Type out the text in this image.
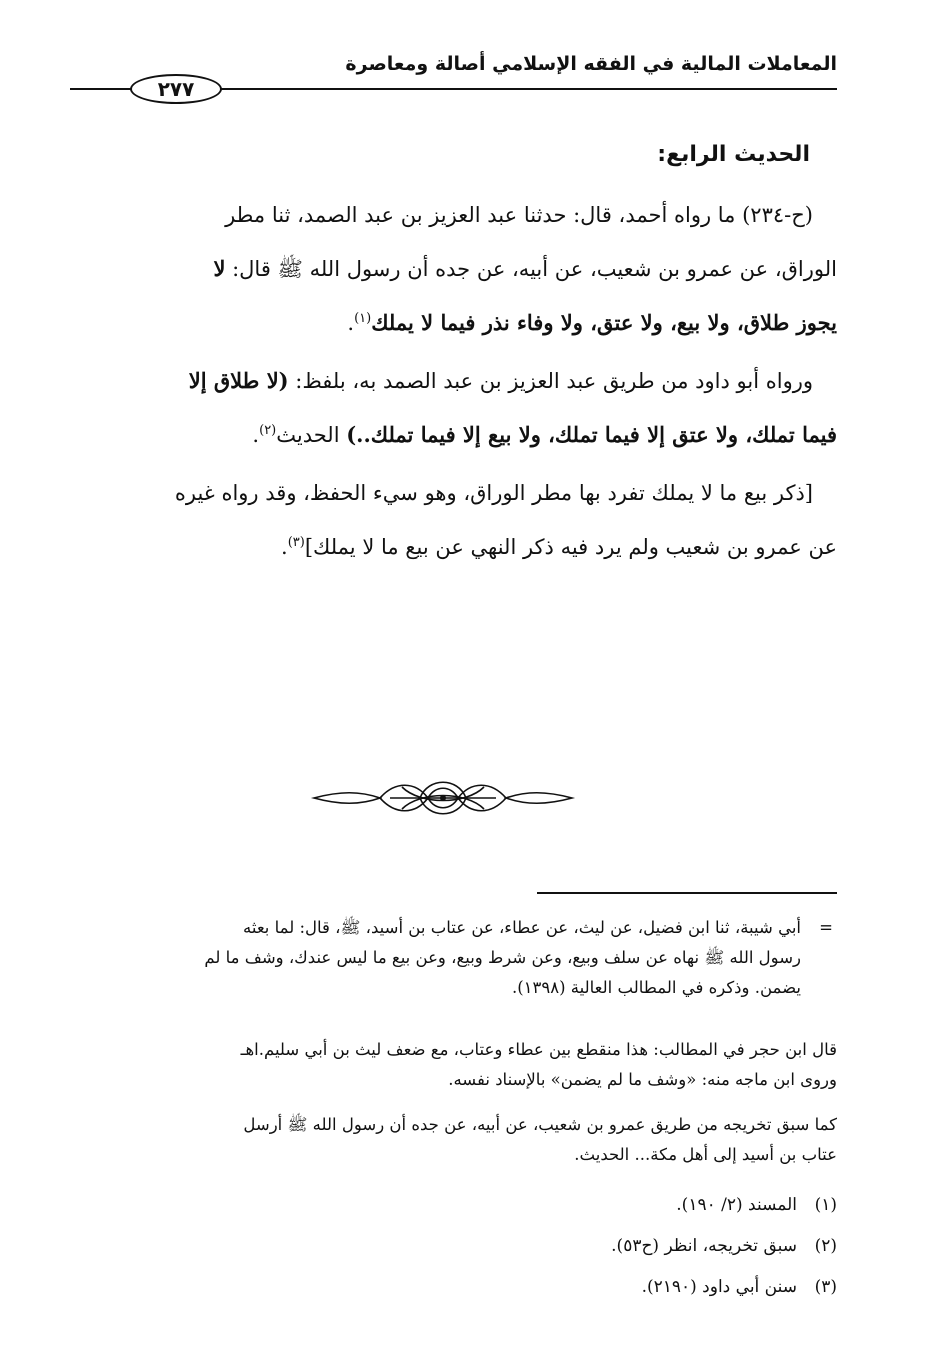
المعاملات المالية في الفقه الإسلامي أصالة ومعاصرة
٢٧٧
الحديث الرابع:
(ح-٢٣٤) ما رواه أحمد، قال: حدثنا عبد العزيز بن عبد الصمد، ثنا مطر
الوراق، عن عمرو بن شعيب، عن أبيه، عن جده أن رسول الله ﷺ قال: لا
يجوز طلاق، ولا بيع، ولا عتق، ولا وفاء نذر فيما لا يملك$^{(١)}$.
ورواه أبو داود من طريق عبد العزيز بن عبد الصمد به، بلفظ: (لا طلاق إلا
فيما تملك، ولا عتق إلا فيما تملك، ولا بيع إلا فيما تملك..) الحديث$^{(٢)}$.
[ذكر بيع ما لا يملك تفرد بها مطر الوراق، وهو سيء الحفظ، وقد رواه غيره
عن عمرو بن شعيب ولم يرد فيه ذكر النهي عن بيع ما لا يملك]$^{(٣)}$.
=
أبي شيبة، ثنا ابن فضيل، عن ليث، عن عطاء، عن عتاب بن أسيد، ﷺ، قال: لما بعثه
رسول الله ﷺ نهاه عن سلف وبيع، وعن شرط وبيع، وعن بيع ما ليس عندك، وشف ما لم
يضمن. وذكره في المطالب العالية (١٣٩٨).
قال ابن حجر في المطالب: هذا منقطع بين عطاء وعتاب، مع ضعف ليث بن أبي سليم.اهـ
وروى ابن ماجه منه: «وشف ما لم يضمن» بالإسناد نفسه.
كما سبق تخريجه من طريق عمرو بن شعيب، عن أبيه، عن جده أن رسول الله ﷺ أرسل
عتاب بن أسيد إلى أهل مكة... الحديث.
(١)المسند (٢/ ١٩٠).
(٢)سبق تخريجه، انظر (ح٥٣).
(٣)سنن أبي داود (٢١٩٠).
